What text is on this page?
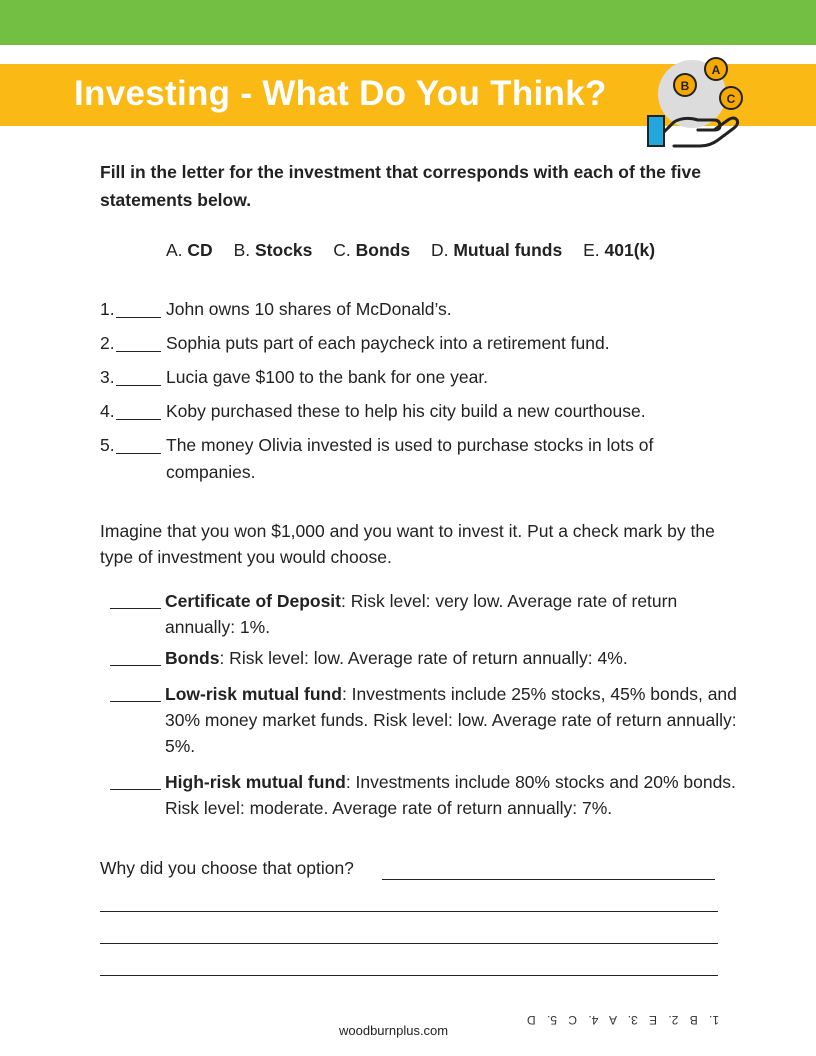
Investing - What Do You Think?	B
A
C

Fill in the letter for the investment that corresponds with each of the five statements below.

A. CD B. Stocks C. Bonds D. Mutual funds E. 401(k)
1.	John owns 10 shares of McDonald’s.
2.	Sophia puts part of each paycheck into a retirement fund.
3.	Lucia gave $100 to the bank for one year.
4.	Koby purchased these to help his city build a new courthouse.
5.	The money Olivia invested is used to purchase stocks in lots of companies.

Imagine that you won $1,000 and you want to invest it. Put a check mark by the type of investment you would choose.

Certificate of Deposit: Risk level: very low. Average rate of return annually: 1%.
Bonds: Risk level: low. Average rate of return annually: 4%.
Low-risk mutual fund: Investments include 25% stocks, 45% bonds, and 30% money market funds. Risk level: low. Average rate of return annually: 5%.
High-risk mutual fund: Investments include 80% stocks and 20% bonds. Risk level: moderate. Average rate of return annually: 7%.
Why did you choose that option?
woodburnplus.com
1. B 2. E 3. A 4. C 5. D
